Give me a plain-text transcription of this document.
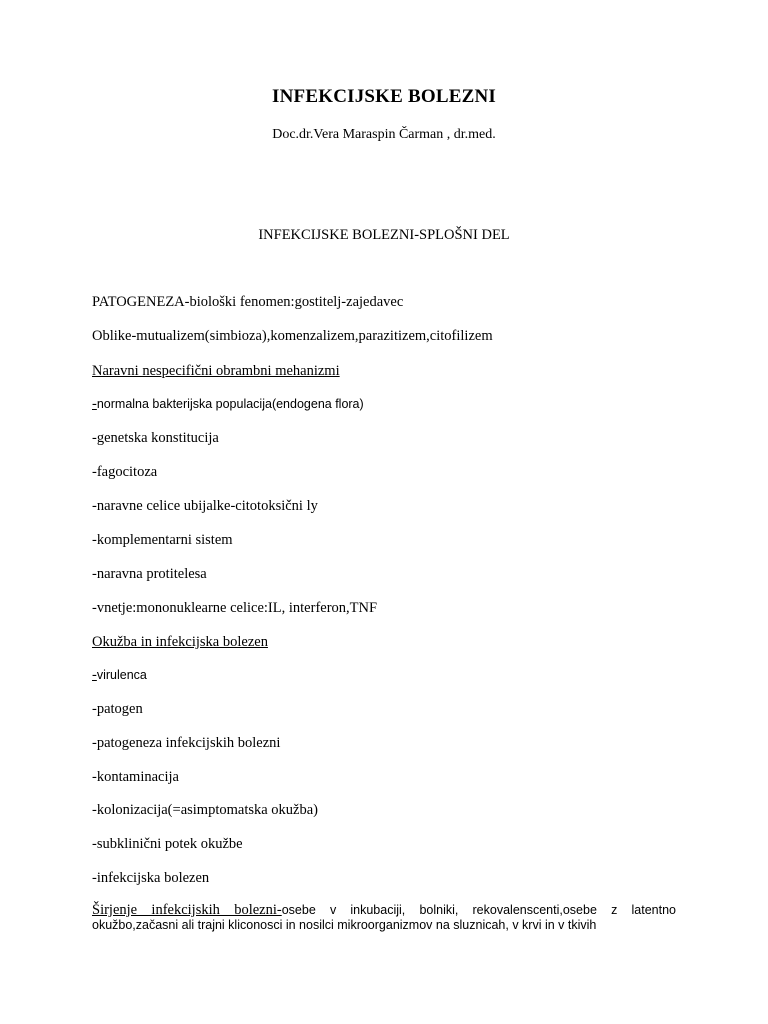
INFEKCIJSKE BOLEZNI
Doc.dr.Vera Maraspin Čarman , dr.med.
INFEKCIJSKE BOLEZNI-SPLOŠNI DEL
PATOGENEZA-biološki fenomen:gostitelj-zajedavec
Oblike-mutualizem(simbioza),komenzalizem,parazitizem,citofilizem
Naravni nespecifični obrambni mehanizmi
-normalna bakterijska populacija(endogena flora)
-genetska konstitucija
-fagocitoza
-naravne celice ubijalke-citotoksični ly
-komplementarni sistem
-naravna protitelesa
-vnetje:mononuklearne celice:IL, interferon,TNF
Okužba in infekcijska bolezen
-virulenca
-patogen
-patogeneza infekcijskih bolezni
-kontaminacija
-kolonizacija(=asimptomatska okužba)
-subklinični potek okužbe
-infekcijska bolezen
Širjenje infekcijskih bolezni-osebe v inkubaciji, bolniki, rekovalenscenti,osebe z latentno okužbo,začasni ali trajni kliconosci in nosilci mikroorganizmov na sluznicah, v krvi in v tkivih
